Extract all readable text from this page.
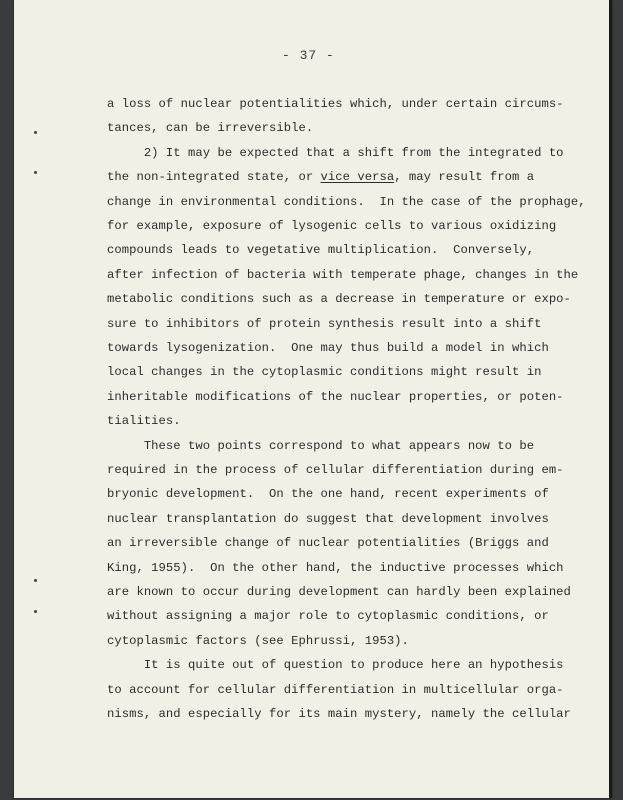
- 37 -
a loss of nuclear potentialities which, under certain circums-
tances, can be irreversible.
2) It may be expected that a shift from the integrated to
the non-integrated state, or vice versa, may result from a
change in environmental conditions.  In the case of the prophage,
for example, exposure of lysogenic cells to various oxidizing
compounds leads to vegetative multiplication.  Conversely,
after infection of bacteria with temperate phage, changes in the
metabolic conditions such as a decrease in temperature or expo-
sure to inhibitors of protein synthesis result into a shift
towards lysogenization.  One may thus build a model in which
local changes in the cytoplasmic conditions might result in
inheritable modifications of the nuclear properties, or poten-
tialities.
These two points correspond to what appears now to be
required in the process of cellular differentiation during em-
bryonic development.  On the one hand, recent experiments of
nuclear transplantation do suggest that development involves
an irreversible change of nuclear potentialities (Briggs and
King, 1955).  On the other hand, the inductive processes which
are known to occur during development can hardly been explained
without assigning a major role to cytoplasmic conditions, or
cytoplasmic factors (see Ephrussi, 1953).
It is quite out of question to produce here an hypothesis
to account for cellular differentiation in multicellular orga-
nisms, and especially for its main mystery, namely the cellular
